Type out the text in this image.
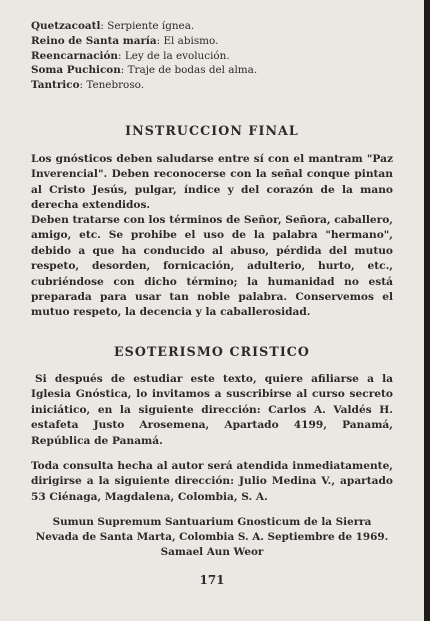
Quetzacoatl: Serpiente ígnea.
Reino de Santa maría: El abismo.
Reencarnación: Ley de la evolución.
Soma Puchicon: Traje de bodas del alma.
Tantrico: Tenebroso.
INSTRUCCION FINAL

Los gnósticos deben saludarse entre sí con el mantram "Paz Inverencial". Deben reconocerse con la señal conque pintan al Cristo Jesús, pulgar, índice y del corazón de la mano derecha extendidos.

Deben tratarse con los términos de Señor, Señora, caballero, amigo, etc. Se prohibe el uso de la palabra "hermano", debido a que ha conducido al abuso, pérdida del mutuo respeto, desorden, fornicación, adulterio, hurto, etc., cubriéndose con dicho término; la humanidad no está preparada para usar tan noble palabra. Conservemos el mutuo respeto, la decencia y la caballerosidad.

ESOTERISMO CRISTICO

Si después de estudiar este texto, quiere afiliarse a la Iglesia Gnóstica, lo invitamos a suscribirse al curso secreto iniciático, en la siguiente dirección: Carlos A. Valdés H. estafeta Justo Arosemena, Apartado 4199, Panamá, República de Panamá.

Toda consulta hecha al autor será atendida inmediatamente, dirigirse a la siguiente dirección: Julio Medina V., apartado 53 Ciénaga, Magdalena, Colombia, S. A.

Sumun Supremum Santuarium Gnosticum de la Sierra Nevada de Santa Marta, Colombia S. A. Septiembre de 1969.

Samael Aun Weor

171
